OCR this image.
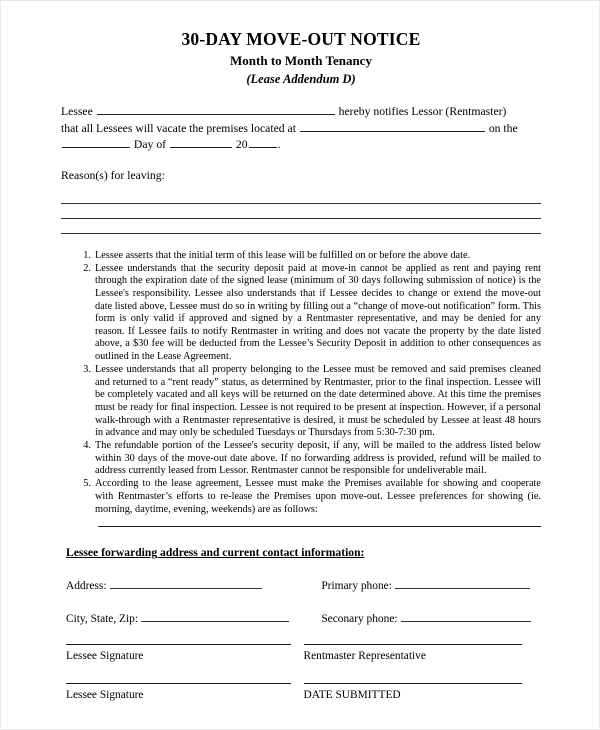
30-DAY MOVE-OUT NOTICE
Month to Month Tenancy
(Lease Addendum D)
Lessee	hereby notifies Lessor (Rentmaster)
that all Lessees will vacate the premises located at	on the
Day of	20	.
Reason(s) for leaving:
1. Lessee asserts that the initial term of this lease will be fulfilled on or before the above date.
2. Lessee understands that the security deposit paid at move-in cannot be applied as rent and paying rent through the expiration date of the signed lease (minimum of 30 days following submission of notice) is the Lessee's responsibility. Lessee also understands that if Lessee decides to change or extend the move-out date listed above, Lessee must do so in writing by filling out a “change of move-out notification” form. This form is only valid if approved and signed by a Rentmaster representative, and may be denied for any reason. If Lessee fails to notify Rentmaster in writing and does not vacate the property by the date listed above, a $30 fee will be deducted from the Lessee’s Security Deposit in addition to other consequences as outlined in the Lease Agreement.
3. Lessee understands that all property belonging to the Lessee must be removed and said premises cleaned and returned to a “rent ready” status, as determined by Rentmaster, prior to the final inspection. Lessee will be completely vacated and all keys will be returned on the date determined above. At this time the premises must be ready for final inspection. Lessee is not required to be present at inspection. However, if a personal walk-through with a Rentmaster representative is desired, it must be scheduled by Lessee at least 48 hours in advance and may only be scheduled Tuesdays or Thursdays from 5:30-7:30 pm.
4. The refundable portion of the Lessee's security deposit, if any, will be mailed to the address listed below within 30 days of the move-out date above. If no forwarding address is provided, refund will be mailed to address currently leased from Lessor. Rentmaster cannot be responsible for undeliverable mail.
5. According to the lease agreement, Lessee must make the Premises available for showing and cooperate with Rentmaster’s efforts to re-lease the Premises upon move-out. Lessee preferences for showing (ie. morning, daytime, evening, weekends) are as follows:
Lessee forwarding address and current contact information:
Address:	Primary phone:
City, State, Zip:	Seconary phone:
Lessee Signature	Rentmaster Representative
Lessee Signature	DATE SUBMITTED
